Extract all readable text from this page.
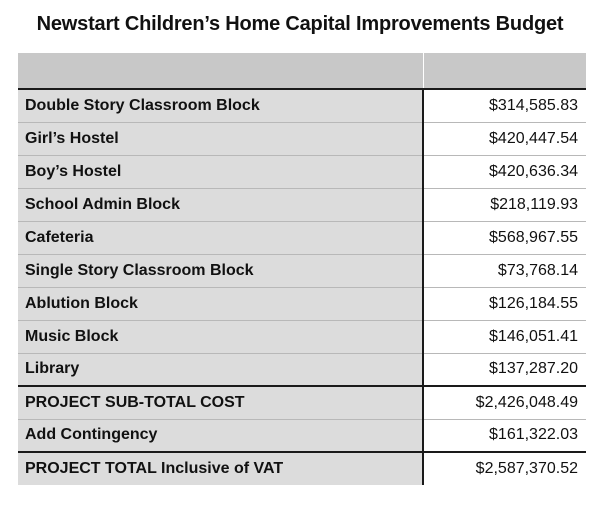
Newstart Children’s Home Capital Improvements Budget

Double Story Classroom Block	$314,585.83
Girl’s Hostel	$420,447.54
Boy’s Hostel	$420,636.34
School Admin Block	$218,119.93
Cafeteria	$568,967.55
Single Story Classroom Block	$73,768.14
Ablution Block	$126,184.55
Music Block	$146,051.41
Library	$137,287.20
PROJECT SUB-TOTAL COST	$2,426,048.49
Add Contingency	$161,322.03
PROJECT TOTAL Inclusive of VAT	$2,587,370.52
